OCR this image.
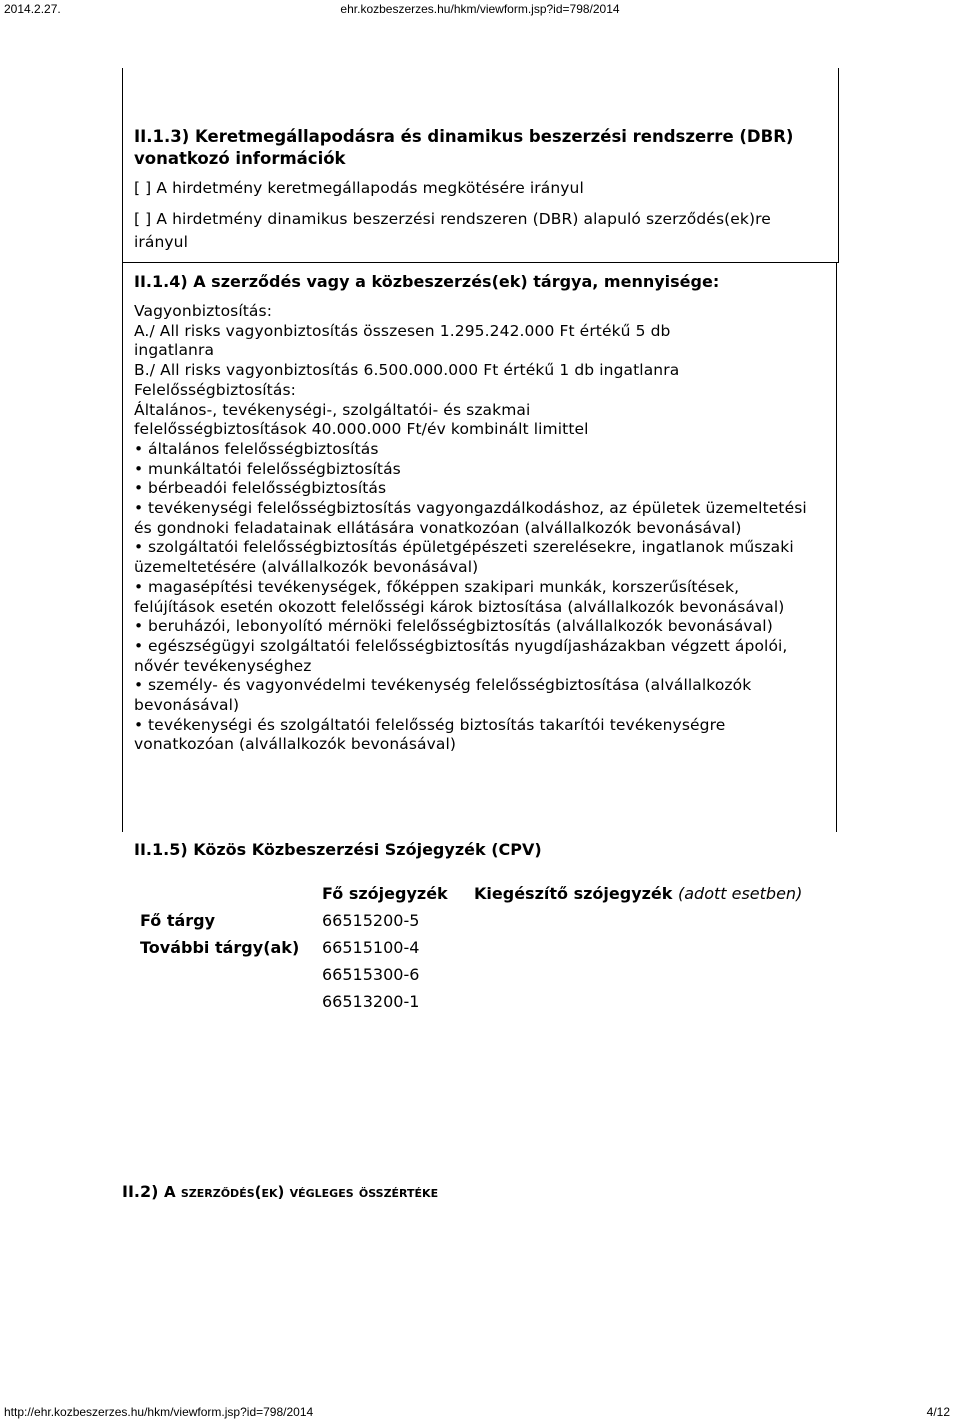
2014.2.27.	ehr.kozbeszerzes.hu/hkm/viewform.jsp?id=798/2014
II.1.3) Keretmegállapodásra és dinamikus beszerzési rendszerre (DBR) vonatkozó információk
[ ] A hirdetmény keretmegállapodás megkötésére irányul
[ ] A hirdetmény dinamikus beszerzési rendszeren (DBR) alapuló szerződés(ek)re irányul
II.1.4) A szerződés vagy a közbeszerzés(ek) tárgya, mennyisége:
Vagyonbiztosítás:
A./ All risks vagyonbiztosítás összesen 1.295.242.000 Ft értékű 5 db ingatlanra
B./ All risks vagyonbiztosítás 6.500.000.000 Ft értékű 1 db ingatlanra
Felelősségbiztosítás:
Általános-, tevékenységi-, szolgáltatói- és szakmai felelősségbiztosítások 40.000.000 Ft/év kombinált limittel
• általános felelősségbiztosítás
• munkáltatói felelősségbiztosítás
• bérbeadói felelősségbiztosítás
• tevékenységi felelősségbiztosítás vagyongazdálkodáshoz, az épületek üzemeltetési és gondnoki feladatainak ellátására vonatkozóan (alvállalkozók bevonásával)
• szolgáltatói felelősségbiztosítás épületgépészeti szerelésekre, ingatlanok műszaki üzemeltetésére (alvállalkozók bevonásával)
• magasépítési tevékenységek, főképpen szakipari munkák, korszerűsítések, felújítások esetén okozott felelősségi károk biztosítása (alvállalkozók bevonásával)
• beruházói, lebonyolító mérnöki felelősségbiztosítás (alvállalkozók bevonásával)
• egészségügyi szolgáltatói felelősségbiztosítás nyugdíjasházakban végzett ápolói, nővér tevékenységhez
• személy- és vagyonvédelmi tevékenység felelősségbiztosítása (alvállalkozók bevonásával)
• tevékenységi és szolgáltatói felelősség biztosítás takarítói tevékenységre vonatkozóan (alvállalkozók bevonásával)
II.1.5) Közös Közbeszerzési Szójegyzék (CPV)
	Fő szójegyzék	Kiegészítő szójegyzék (adott esetben)
Fő tárgy	66515200-5	
További tárgy(ak)	66515100-4	
	66515300-6	
	66513200-1	
II.2) A szerződés(ek) végleges összértéke
http://ehr.kozbeszerzes.hu/hkm/viewform.jsp?id=798/2014	4/12
